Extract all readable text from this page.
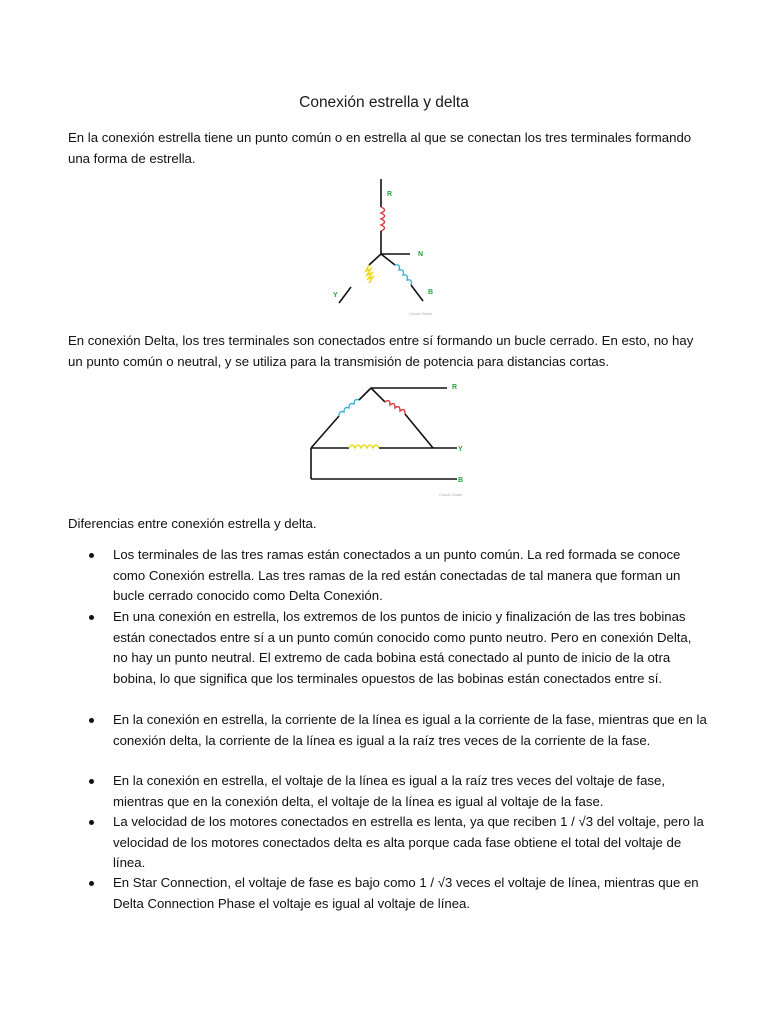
Conexión estrella y delta
En la conexión estrella tiene un punto común o en estrella al que se conectan los tres terminales formando una forma de estrella.
R
N
Y	B
Circuit Globe
En conexión Delta, los tres terminales son conectados entre sí formando un bucle cerrado. En esto, no hay un punto común o neutral, y se utiliza para la transmisión de potencia para distancias cortas.
R
Y
B
Circuit Globe
Diferencias entre conexión estrella y delta.
Los terminales de las tres ramas están conectados a un punto común. La red formada se conoce como Conexión estrella. Las tres ramas de la red están conectadas de tal manera que forman un bucle cerrado conocido como Delta Conexión.
En una conexión en estrella, los extremos de los puntos de inicio y finalización de las tres bobinas están conectados entre sí a un punto común conocido como punto neutro. Pero en conexión Delta, no hay un punto neutral. El extremo de cada bobina está conectado al punto de inicio de la otra bobina, lo que significa que los terminales opuestos de las bobinas están conectados entre sí.
En la conexión en estrella, la corriente de la línea es igual a la corriente de la fase, mientras que en la conexión delta, la corriente de la línea es igual a la raíz tres veces de la corriente de la fase.
En la conexión en estrella, el voltaje de la línea es igual a la raíz tres veces del voltaje de fase, mientras que en la conexión delta, el voltaje de la línea es igual al voltaje de la fase.
La velocidad de los motores conectados en estrella es lenta, ya que reciben 1 / √3 del voltaje, pero la velocidad de los motores conectados delta es alta porque cada fase obtiene el total del voltaje de línea.
En Star Connection, el voltaje de fase es bajo como 1 / √3 veces el voltaje de línea, mientras que en Delta Connection Phase el voltaje es igual al voltaje de línea.
